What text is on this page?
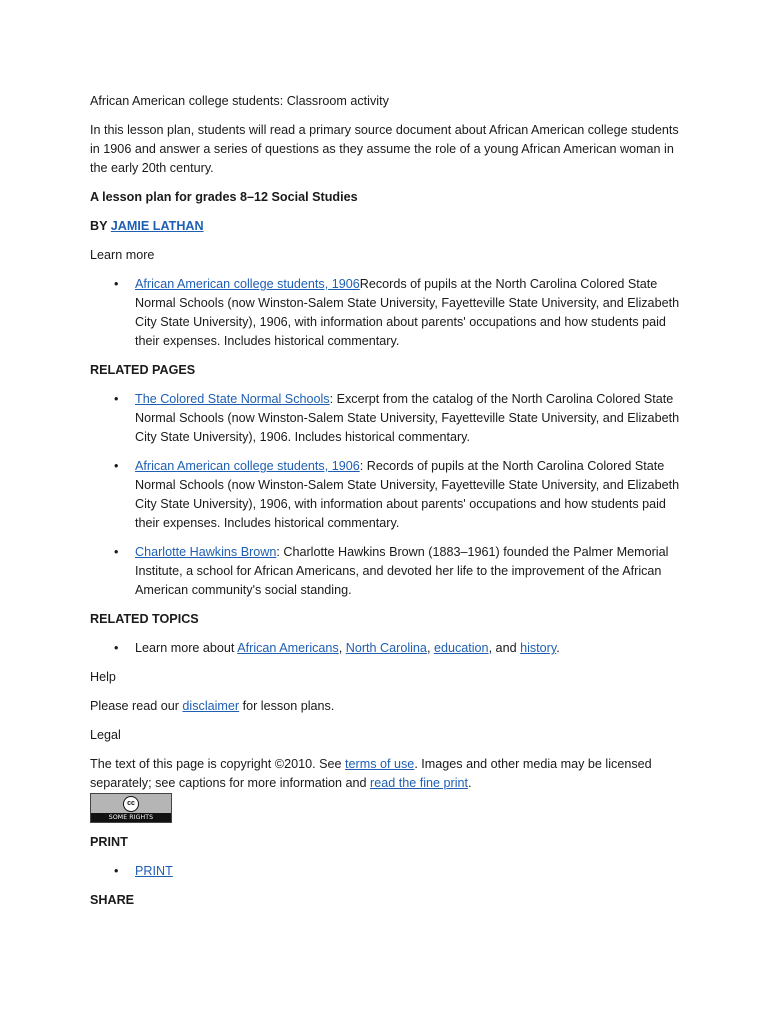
African American college students: Classroom activity

In this lesson plan, students will read a primary source document about African American college students in 1906 and answer a series of questions as they assume the role of a young African American woman in the early 20th century.

A lesson plan for grades 8–12 Social Studies

BY JAMIE LATHAN

Learn more

• African American college students, 1906Records of pupils at the North Carolina Colored State Normal Schools (now Winston-Salem State University, Fayetteville State University, and Elizabeth City State University), 1906, with information about parents' occupations and how students paid their expenses. Includes historical commentary.

RELATED PAGES

• The Colored State Normal Schools: Excerpt from the catalog of the North Carolina Colored State Normal Schools (now Winston-Salem State University, Fayetteville State University, and Elizabeth City State University), 1906. Includes historical commentary.
• African American college students, 1906: Records of pupils at the North Carolina Colored State Normal Schools (now Winston-Salem State University, Fayetteville State University, and Elizabeth City State University), 1906, with information about parents' occupations and how students paid their expenses. Includes historical commentary.
• Charlotte Hawkins Brown: Charlotte Hawkins Brown (1883–1961) founded the Palmer Memorial Institute, a school for African Americans, and devoted her life to the improvement of the African American community's social standing.

RELATED TOPICS

• Learn more about African Americans, North Carolina, education, and history.

Help

Please read our disclaimer for lesson plans.

Legal

The text of this page is copyright ©2010. See terms of use. Images and other media may be licensed separately; see captions for more information and read the fine print.

cc
SOME RIGHTS RESERVED

PRINT

• PRINT

SHARE
